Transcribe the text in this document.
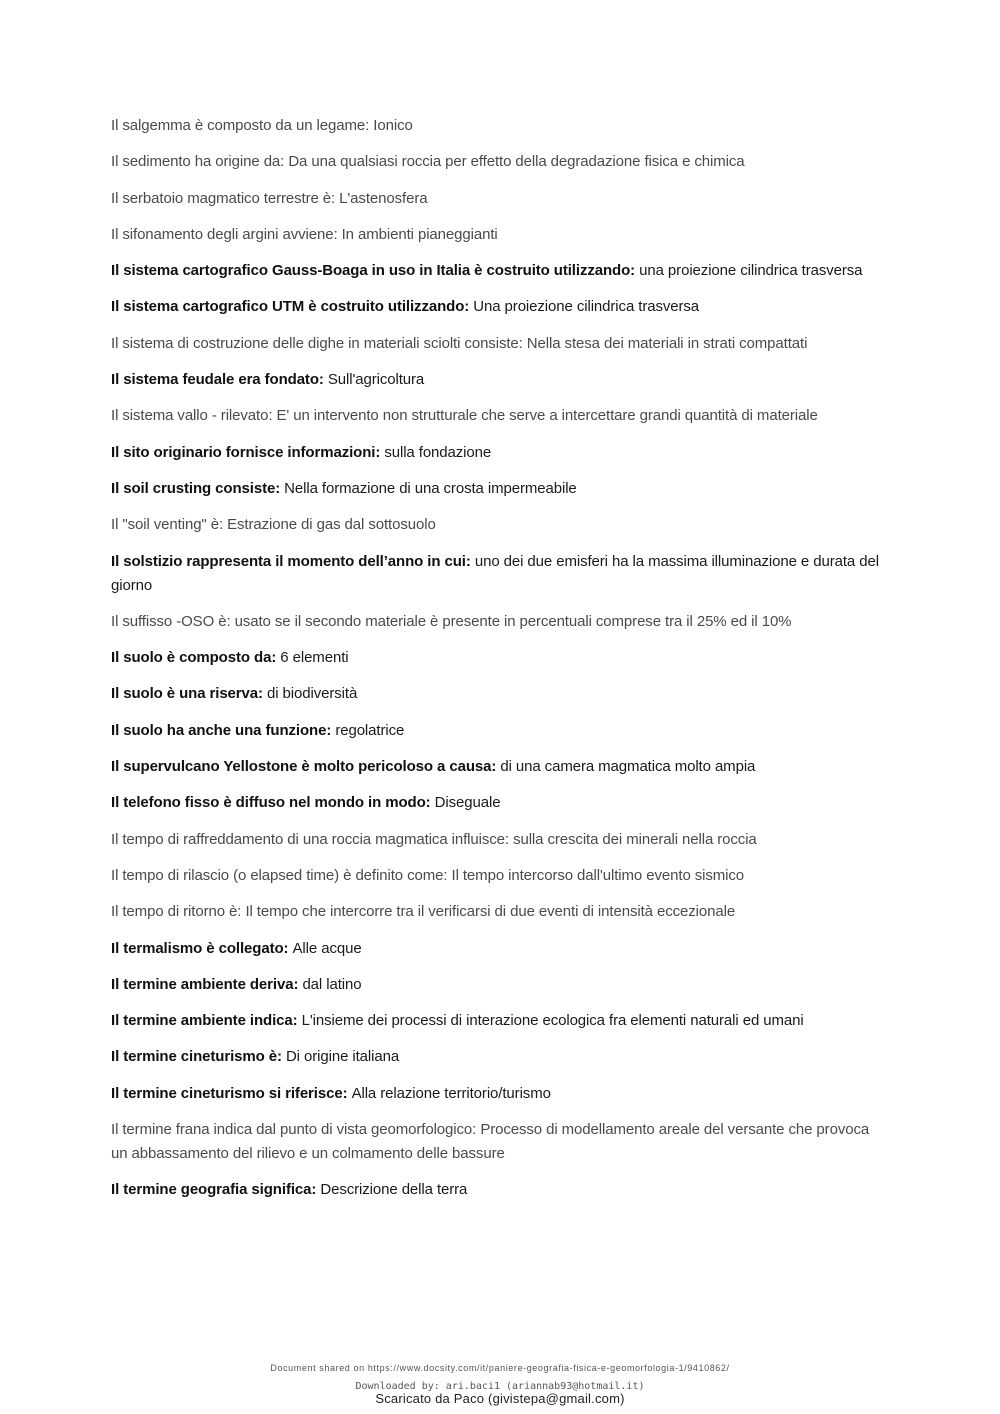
Il salgemma è composto da un legame: Ionico
Il sedimento ha origine da: Da una qualsiasi roccia per effetto della degradazione fisica e chimica
Il serbatoio magmatico terrestre è: L'astenosfera
Il sifonamento degli argini avviene: In ambienti pianeggianti
Il sistema cartografico Gauss-Boaga in uso in Italia è costruito utilizzando: una proiezione cilindrica trasversa
Il sistema cartografico UTM è costruito utilizzando: Una proiezione cilindrica trasversa
Il sistema di costruzione delle dighe in materiali sciolti consiste: Nella stesa dei materiali in strati compattati
Il sistema feudale era fondato: Sull'agricoltura
Il sistema vallo - rilevato: E' un intervento non strutturale che serve a intercettare grandi quantità di materiale
Il sito originario fornisce informazioni: sulla fondazione
Il soil crusting consiste: Nella formazione di una crosta impermeabile
Il "soil venting" è: Estrazione di gas dal sottosuolo
Il solstizio rappresenta il momento dell’anno in cui: uno dei due emisferi ha la massima illuminazione e durata del giorno
Il suffisso -OSO è: usato se il secondo materiale è presente in percentuali comprese tra il 25% ed il 10%
Il suolo è composto da: 6 elementi
Il suolo è una riserva: di biodiversità
Il suolo ha anche una funzione: regolatrice
Il supervulcano Yellostone è molto pericoloso a causa: di una camera magmatica molto ampia
Il telefono fisso è diffuso nel mondo in modo: Diseguale
Il tempo di raffreddamento di una roccia magmatica influisce: sulla crescita dei minerali nella roccia
Il tempo di rilascio (o elapsed time) è definito come: Il tempo intercorso dall'ultimo evento sismico
Il tempo di ritorno è: Il tempo che intercorre tra il verificarsi di due eventi di intensità eccezionale
Il termalismo è collegato: Alle acque
Il termine ambiente deriva: dal latino
Il termine ambiente indica: L'insieme dei processi di interazione ecologica fra elementi naturali ed umani
Il termine cineturismo è: Di origine italiana
Il termine cineturismo si riferisce: Alla relazione territorio/turismo
Il termine frana indica dal punto di vista geomorfologico: Processo di modellamento areale del versante che provoca un abbassamento del rilievo e un colmamento delle bassure
Il termine geografia significa: Descrizione della terra
Document shared on https://www.docsity.com/it/paniere-geografia-fisica-e-geomorfologia-1/9410862/
Downloaded by: ari.baci1 (ariannab93@hotmail.it)
Scaricato da Paco (givistepa@gmail.com)
